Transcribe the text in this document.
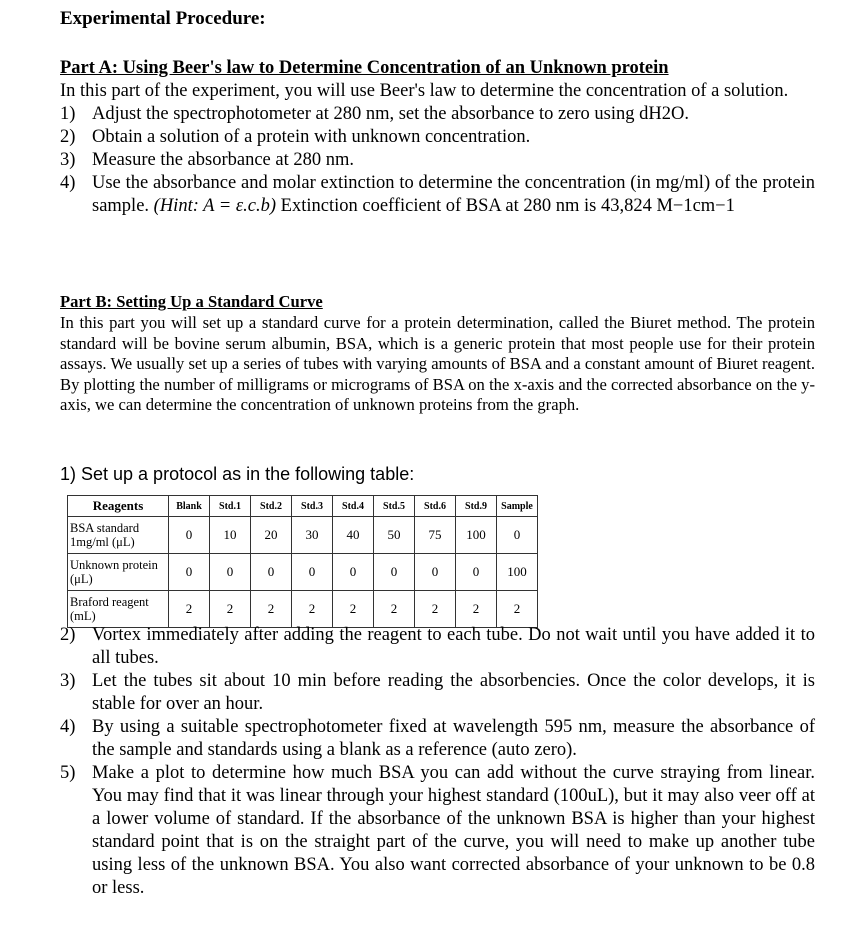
Experimental Procedure:
Part A: Using Beer's law to Determine Concentration of an Unknown protein
In this part of the experiment, you will use Beer's law to determine the concentration of a solution.
1) Adjust the spectrophotometer at 280 nm, set the absorbance to zero using dH2O.
2) Obtain a solution of a protein with unknown concentration.
3) Measure the absorbance at 280 nm.
4) Use the absorbance and molar extinction to determine the concentration (in mg/ml) of the protein sample. (Hint: A = ε.c.b) Extinction coefficient of BSA at 280 nm is 43,824 M−1cm−1
Part B: Setting Up a Standard Curve
In this part you will set up a standard curve for a protein determination, called the Biuret method. The protein standard will be bovine serum albumin, BSA, which is a generic protein that most people use for their protein assays. We usually set up a series of tubes with varying amounts of BSA and a constant amount of Biuret reagent. By plotting the number of milligrams or micrograms of BSA on the x-axis and the corrected absorbance on the y-axis, we can determine the concentration of unknown proteins from the graph.
1) Set up a protocol as in the following table:
Reagents	Blank	Std.1	Std.2	Std.3	Std.4	Std.5	Std.6	Std.9	Sample
BSA standard 1mg/ml (μL)	0	10	20	30	40	50	75	100	0
Unknown protein (μL)	0	0	0	0	0	0	0	0	100
Braford reagent (mL)	2	2	2	2	2	2	2	2	2
2) Vortex immediately after adding the reagent to each tube. Do not wait until you have added it to all tubes.
3) Let the tubes sit about 10 min before reading the absorbencies. Once the color develops, it is stable for over an hour.
4) By using a suitable spectrophotometer fixed at wavelength 595 nm, measure the absorbance of the sample and standards using a blank as a reference (auto zero).
5) Make a plot to determine how much BSA you can add without the curve straying from linear. You may find that it was linear through your highest standard (100uL), but it may also veer off at a lower volume of standard. If the absorbance of the unknown BSA is higher than your highest standard point that is on the straight part of the curve, you will need to make up another tube using less of the unknown BSA. You also want corrected absorbance of your unknown to be 0.8 or less.
